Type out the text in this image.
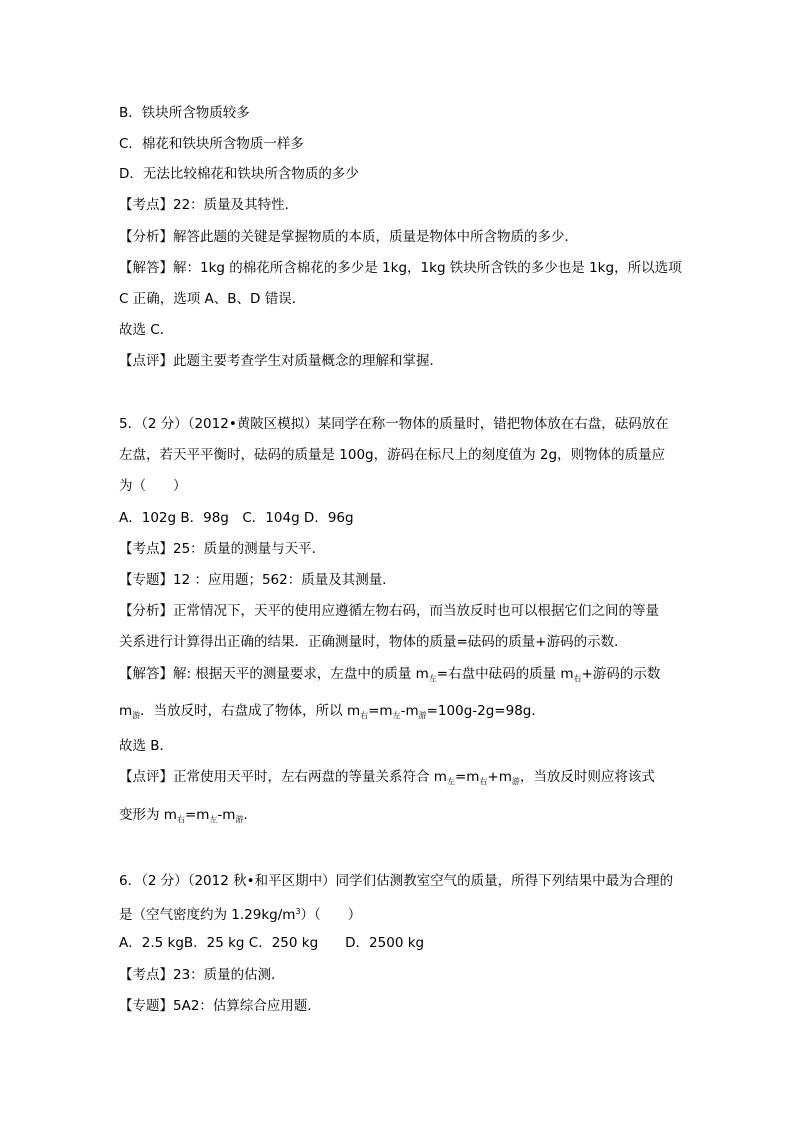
B．铁块所含物质较多
C．棉花和铁块所含物质一样多
D．无法比较棉花和铁块所含物质的多少
【考点】22：质量及其特性．
【分析】解答此题的关键是掌握物质的本质，质量是物体中所含物质的多少．
【解答】解：1kg 的棉花所含棉花的多少是 1kg，1kg 铁块所含铁的多少也是 1kg，所以选项
C 正确，选项 A、B、D 错误．
故选 C．
【点评】此题主要考查学生对质量概念的理解和掌握．
5．（2 分）（2012•黄陂区模拟）某同学在称一物体的质量时，错把物体放在右盘，砝码放在
左盘，若天平平衡时，砝码的质量是 100g，游码在标尺上的刻度值为 2g，则物体的质量应
为（　　）
A．102g B．98g　C．104g D．96g
【考点】25：质量的测量与天平．
【专题】12 ：应用题；562：质量及其测量．
【分析】正常情况下，天平的使用应遵循左物右码，而当放反时也可以根据它们之间的等量
关系进行计算得出正确的结果．正确测量时，物体的质量=砝码的质量+游码的示数．
【解答】解: 根据天平的测量要求，左盘中的质量 $m_左=$右盘中砝码的质量 $m_右+$游码的示数
$m_游$．当放反时，右盘成了物体，所以 $m_右=m_左-m_游=100g-2g=98g$．
故选 B．
【点评】正常使用天平时，左右两盘的等量关系符合 $m_左=m_右+m_游$，当放反时则应将该式
变形为 $m_右=m_左-m_游$．
6．（2 分）（2012 秋•和平区期中）同学们估测教室空气的质量，所得下列结果中最为合理的
是（空气密度约为 $1.29kg/m^3$）（　　）
A．2.5 kgB．25 kg C．250 kg　　D．2500 kg
【考点】23：质量的估测．
【专题】5A2：估算综合应用题．
